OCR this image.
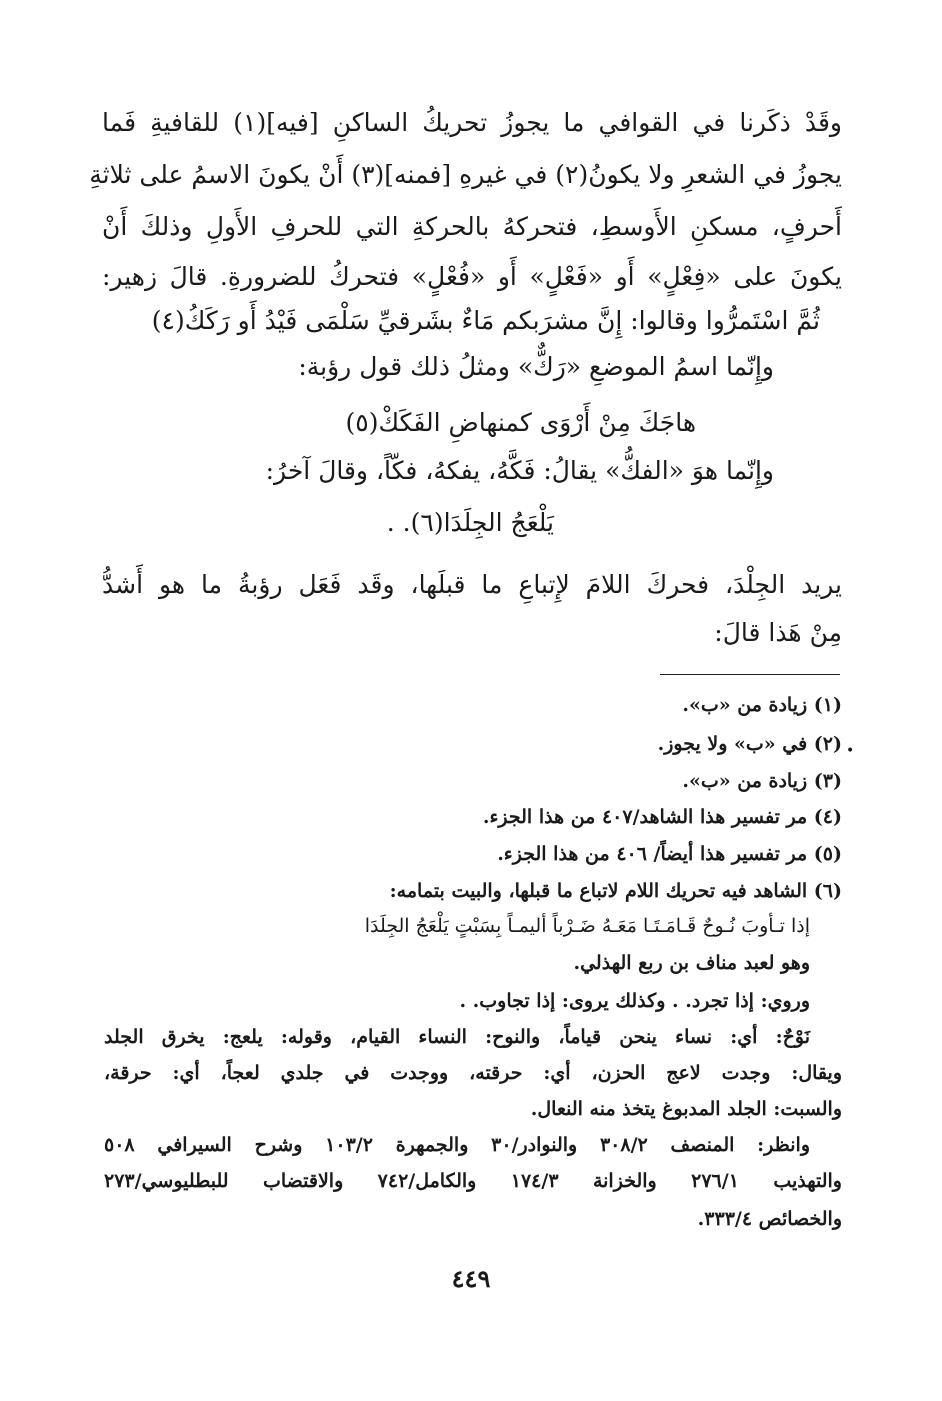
وقَدْ ذكَرنا في القوافي ما يجوزُ تحريكُ الساكنِ [فيه](١) للقافيةِ فَما
يجوزُ في الشعرِ ولا يكونُ(٢) في غيرهِ [فمنه](٣) أَنْ يكونَ الاسمُ على ثلاثةِ
أَحرفٍ، مسكنِ الأَوسطِ، فتحركهُ بالحركةِ التي للحرفِ الأَولِ وذلكَ أَنْ
يكونَ على «فِعْلٍ» أَو «فَعْلٍ» أَو «فُعْلٍ» فتحركُ للضرورةِ. قالَ زهير:
ثُمَّ اسْتَمرُّوا وقالوا: إِنَّ مشرَبكم مَاءٌ بشَرقيِّ سَلْمَى فَيْدُ أَو رَكَكُ(٤)
وإِنّما اسمُ الموضعِ «رَكٌّ» ومثلُ ذلك قول رؤبة:
هاجَكَ مِنْ أَرْوَى كمنهاضِ الفَكَكْ(٥)
وإِنّما هوَ «الفكُّ» يقالُ: فَكَّهُ، يفكهُ، فكّاً، وقالَ آخرُ:
يَلْعَجُ الجِلَدَا(٦). .
يريد الجِلْدَ، فحركَ اللامَ لإِتباعِ ما قبلَها، وقَد فَعَل رؤبةُ ما هو أَشدُّ
مِنْ هَذا قالَ:
•
(١) زيادة من «ب».
(٢) في «ب» ولا يجوز.
(٣) زيادة من «ب».
(٤) مر تفسير هذا الشاهد/٤٠٧ من هذا الجزء.
(٥) مر تفسير هذا أيضاً/ ٤٠٦ من هذا الجزء.
(٦) الشاهد فيه تحريك اللام لاتباع ما قبلها، والبيت بتمامه:
إذا تـأوبَ نُـوحٌ قَـامَـتَـا مَعَـهُ ضَـرْباً أليمـاً بِسَبْتٍ يَلْعَجُ الجِلَدَا
وهو لعبد مناف بن ربع الهذلي.
وروي: إذا تجرد. . وكذلك يروى: إذا تجاوب. .
نَوْحٌ: أي: نساء ينحن قياماً، والنوح: النساء القيام، وقوله: يلعج: يخرق الجلد
ويقال: وجدت لاعج الحزن، أي: حرقته، ووجدت في جلدي لعجاً، أي: حرقة،
والسبت: الجلد المدبوغ يتخذ منه النعال.
وانظر: المنصف ٣٠٨/٢ والنوادر/٣٠ والجمهرة ١٠٣/٢ وشرح السيرافي ٥٠٨
والتهذيب ٢٧٦/١ والخزانة ١٧٤/٣ والكامل/٧٤٢ والاقتضاب للبطليوسي/٢٧٣
والخصائص ٣٣٣/٤.
٤٤٩
